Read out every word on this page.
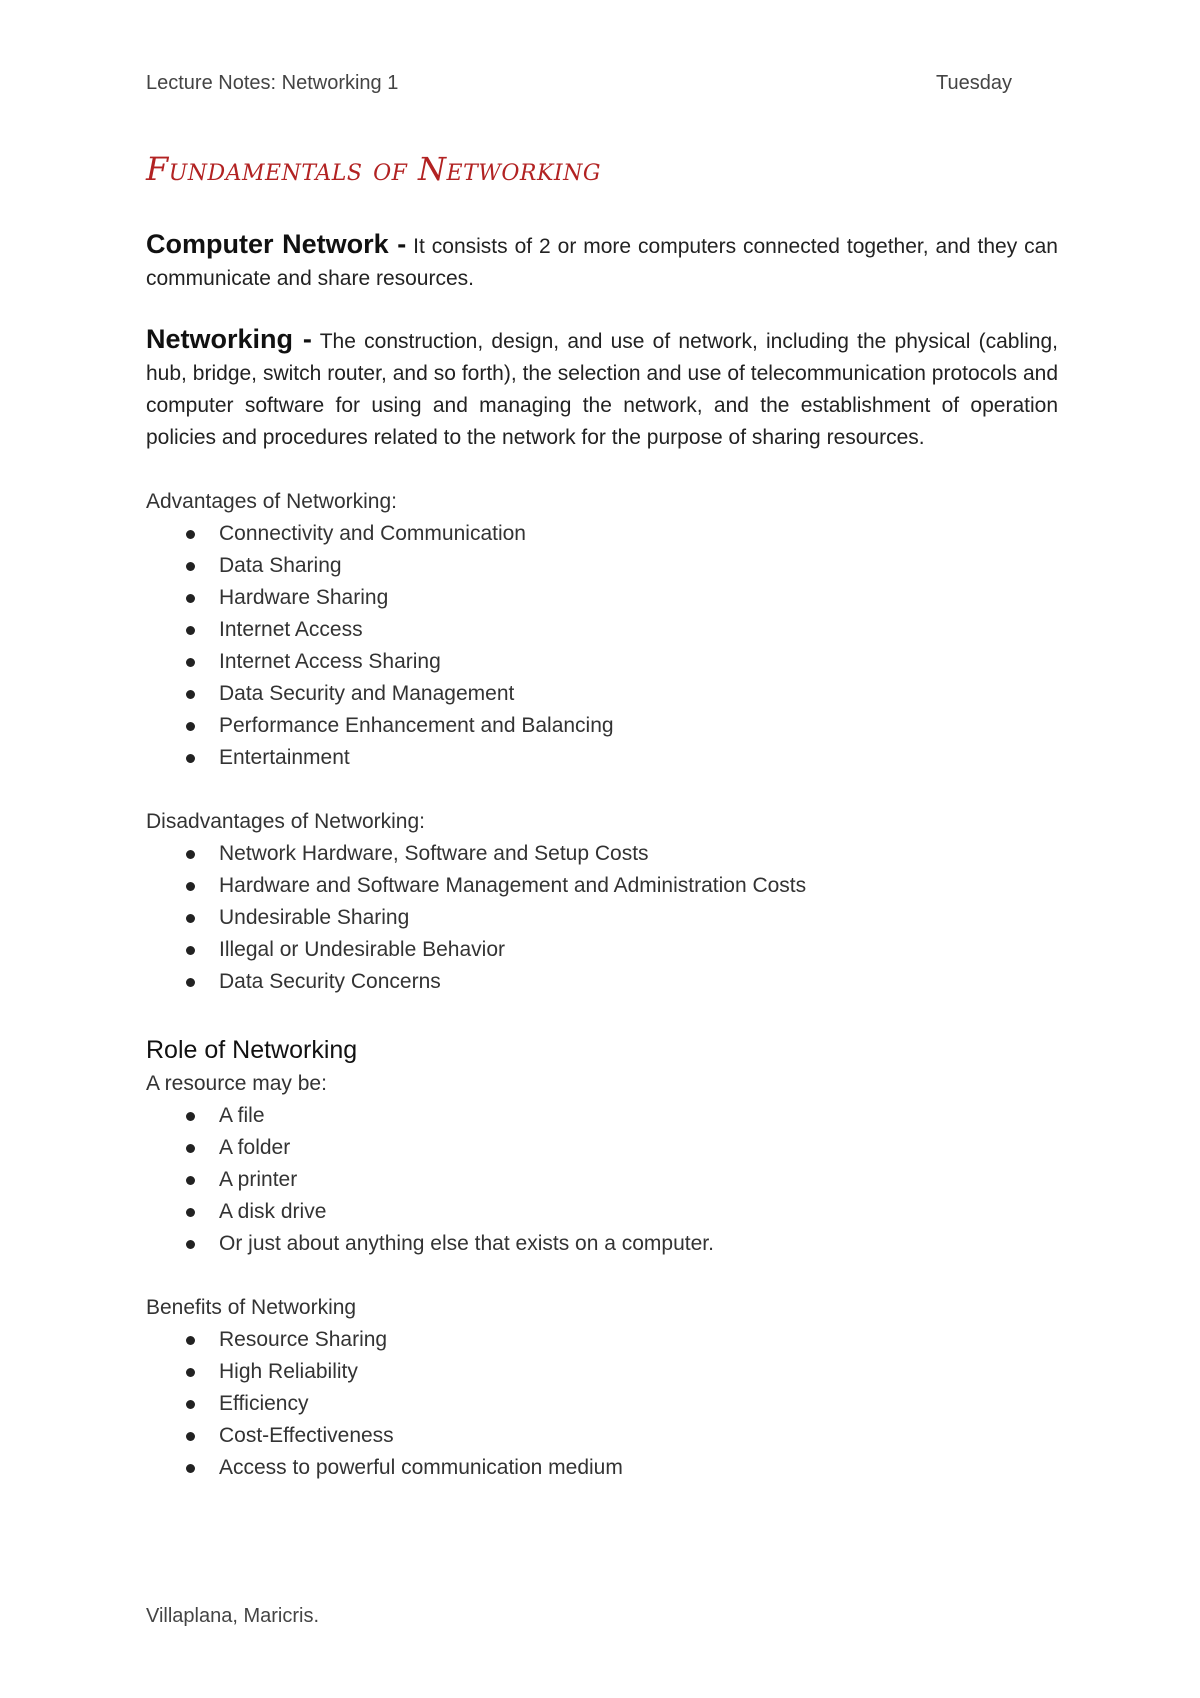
Lecture Notes: Networking 1	Tuesday
Fundamentals of Networking

Computer Network - It consists of 2 or more computers connected together, and they can communicate and share resources.

Networking - The construction, design, and use of network, including the physical (cabling, hub, bridge, switch router, and so forth), the selection and use of telecommunication protocols and computer software for using and managing the network, and the establishment of operation policies and procedures related to the network for the purpose of sharing resources.

Advantages of Networking:

Connectivity and Communication
Data Sharing
Hardware Sharing
Internet Access
Internet Access Sharing
Data Security and Management
Performance Enhancement and Balancing
Entertainment

Disadvantages of Networking:

Network Hardware, Software and Setup Costs
Hardware and Software Management and Administration Costs
Undesirable Sharing
Illegal or Undesirable Behavior
Data Security Concerns
Role of Networking

A resource may be:

A file
A folder
A printer
A disk drive
Or just about anything else that exists on a computer.

Benefits of Networking

Resource Sharing
High Reliability
Efficiency
Cost-Effectiveness
Access to powerful communication medium
Villaplana, Maricris.
